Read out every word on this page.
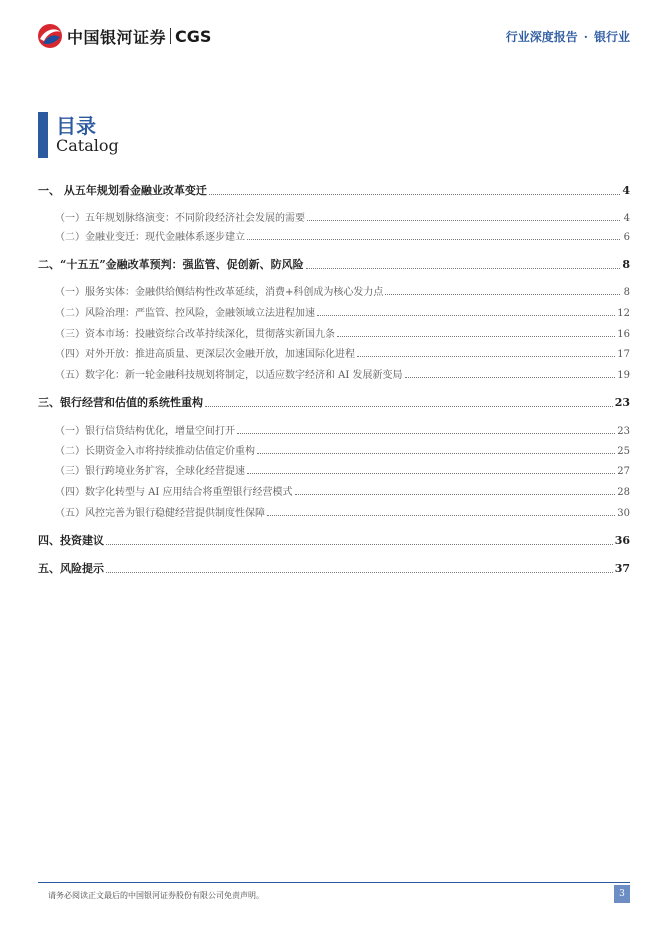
中国银河证券 CGS	行业深度报告 · 银行业
目录
Catalog
一、 从五年规划看金融业改革变迁	4
（一）五年规划脉络演变：不同阶段经济社会发展的需要	4
（二）金融业变迁：现代金融体系逐步建立	6
二、“十五五”金融改革预判：强监管、促创新、防风险	8
（一）服务实体：金融供给侧结构性改革延续，消费+科创成为核心发力点	8
（二）风险治理：严监管、控风险，金融领域立法进程加速	12
（三）资本市场：投融资综合改革持续深化，贯彻落实新国九条	16
（四）对外开放：推进高质量、更深层次金融开放，加速国际化进程	17
（五）数字化：新一轮金融科技规划将制定，以适应数字经济和 AI 发展新变局	19
三、银行经营和估值的系统性重构	23
（一）银行信贷结构优化，增量空间打开	23
（二）长期资金入市将持续推动估值定价重构	25
（三）银行跨境业务扩容，全球化经营提速	27
（四）数字化转型与 AI 应用结合将重塑银行经营模式	28
（五）风控完善为银行稳健经营提供制度性保障	30
四、投资建议	36
五、风险提示	37
请务必阅读正文最后的中国银河证券股份有限公司免责声明。	3
